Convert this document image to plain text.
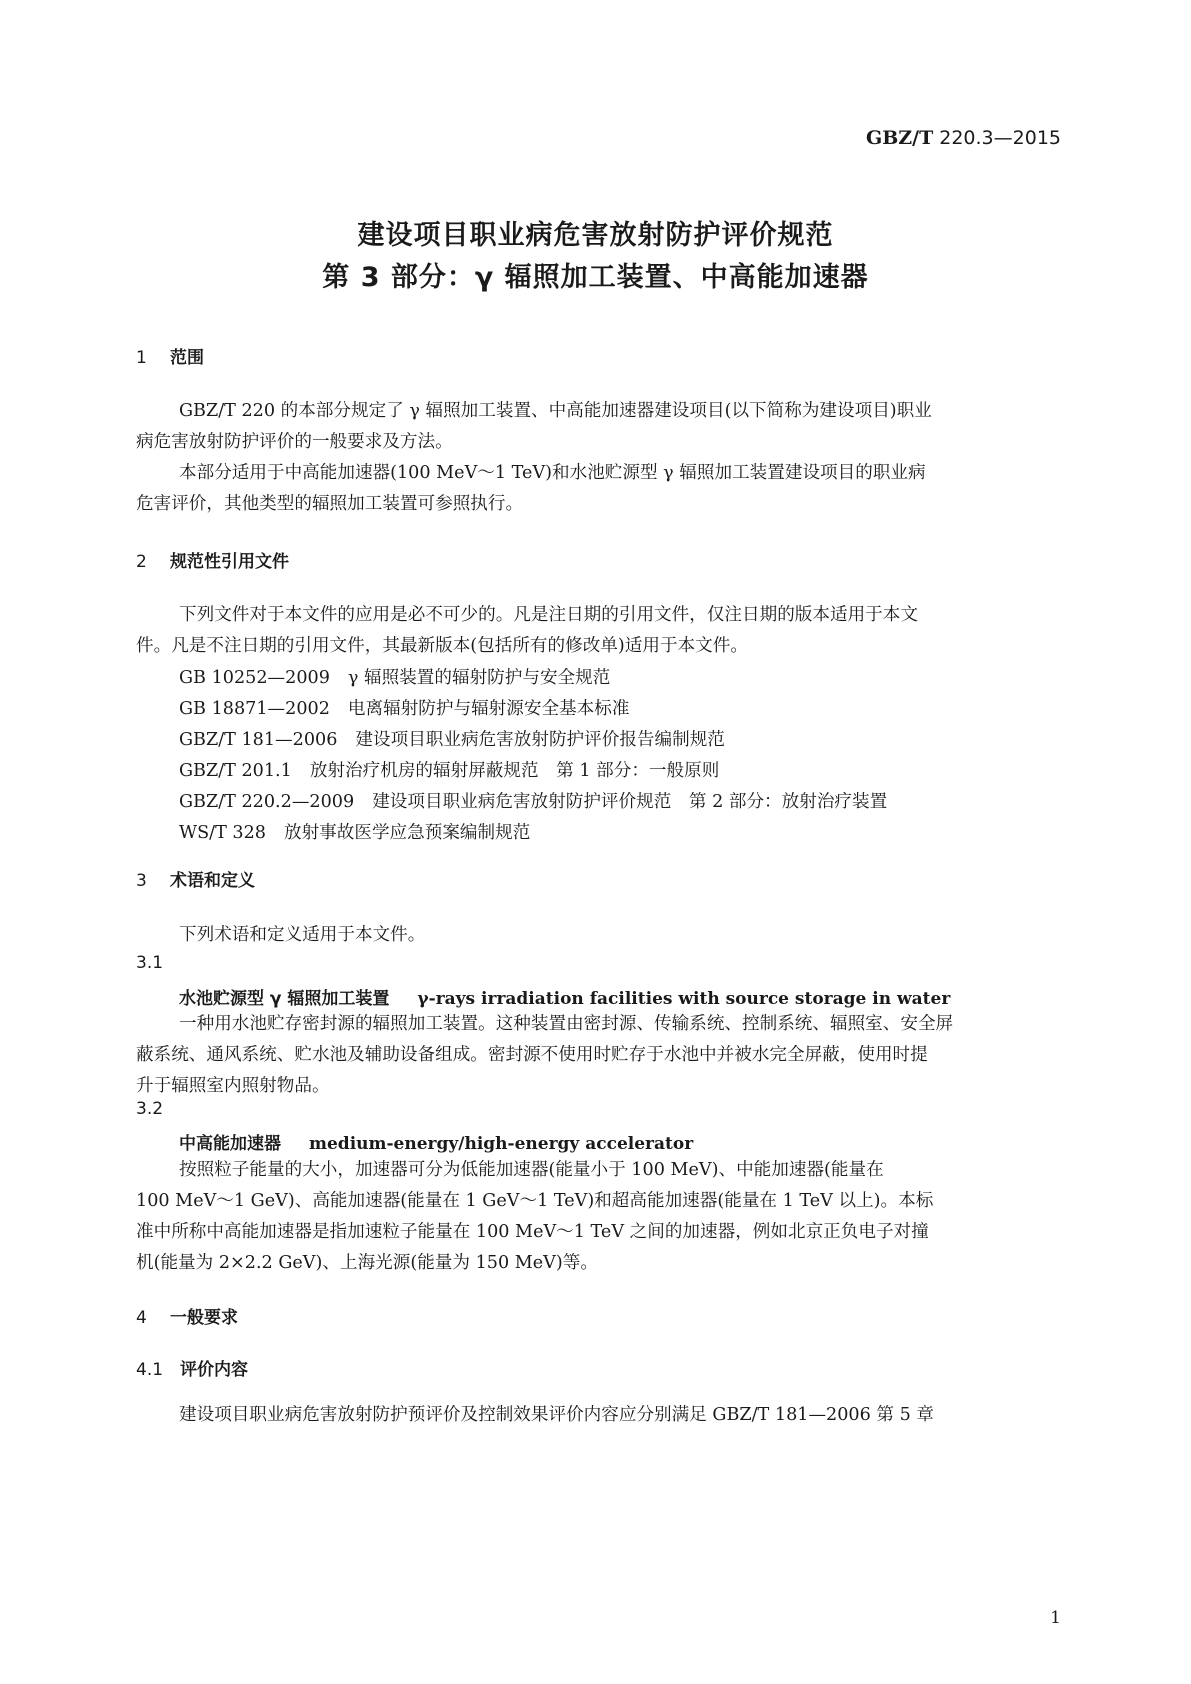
GBZ/T 220.3—2015
建设项目职业病危害放射防护评价规范
第 3 部分：γ 辐照加工装置、中高能加速器
1 范围
GBZ/T 220 的本部分规定了 γ 辐照加工装置、中高能加速器建设项目(以下简称为建设项目)职业
病危害放射防护评价的一般要求及方法。
本部分适用于中高能加速器(100 MeV～1 TeV)和水池贮源型 γ 辐照加工装置建设项目的职业病
危害评价，其他类型的辐照加工装置可参照执行。
2 规范性引用文件
下列文件对于本文件的应用是必不可少的。凡是注日期的引用文件，仅注日期的版本适用于本文
件。凡是不注日期的引用文件，其最新版本(包括所有的修改单)适用于本文件。
GB 10252—2009 γ 辐照装置的辐射防护与安全规范
GB 18871—2002 电离辐射防护与辐射源安全基本标准
GBZ/T 181—2006 建设项目职业病危害放射防护评价报告编制规范
GBZ/T 201.1 放射治疗机房的辐射屏蔽规范　第 1 部分：一般原则
GBZ/T 220.2—2009 建设项目职业病危害放射防护评价规范　第 2 部分：放射治疗装置
WS/T 328 放射事故医学应急预案编制规范
3 术语和定义
下列术语和定义适用于本文件。
3.1
水池贮源型 γ 辐照加工装置 γ-rays irradiation facilities with source storage in water
一种用水池贮存密封源的辐照加工装置。这种装置由密封源、传输系统、控制系统、辐照室、安全屏
蔽系统、通风系统、贮水池及辅助设备组成。密封源不使用时贮存于水池中并被水完全屏蔽，使用时提
升于辐照室内照射物品。
3.2
中高能加速器 medium-energy/high-energy accelerator
按照粒子能量的大小，加速器可分为低能加速器(能量小于 100 MeV)、中能加速器(能量在
100 MeV～1 GeV)、高能加速器(能量在 1 GeV～1 TeV)和超高能加速器(能量在 1 TeV 以上)。本标
准中所称中高能加速器是指加速粒子能量在 100 MeV～1 TeV 之间的加速器，例如北京正负电子对撞
机(能量为 2×2.2 GeV)、上海光源(能量为 150 MeV)等。
4 一般要求
4.1 评价内容
建设项目职业病危害放射防护预评价及控制效果评价内容应分别满足 GBZ/T 181—2006 第 5 章
1
